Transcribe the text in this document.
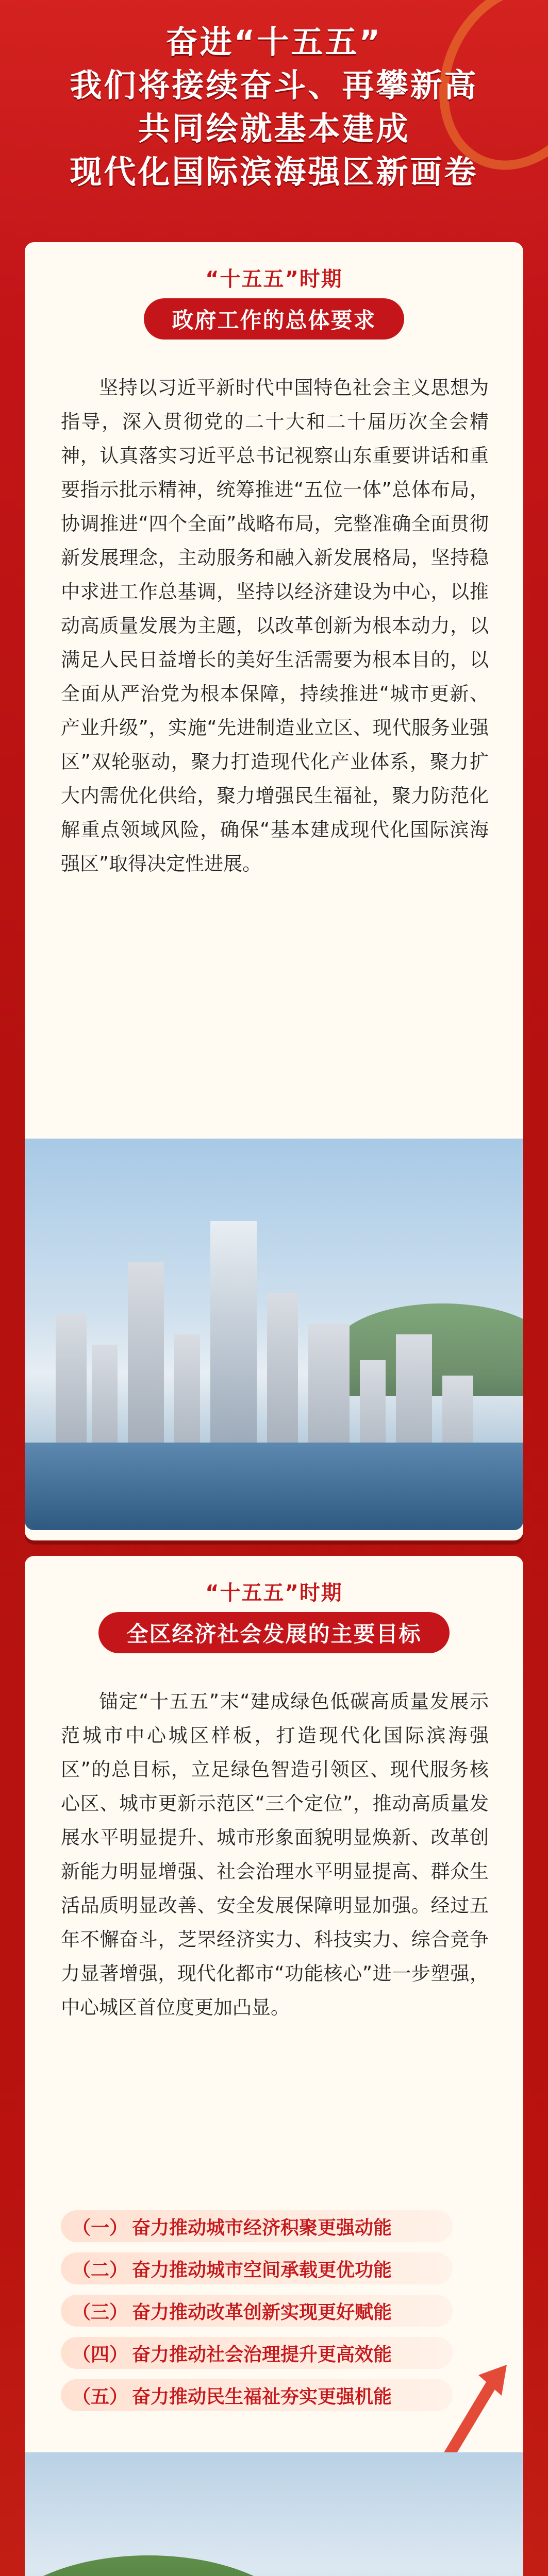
奋进“十五五”
我们将接续奋斗、再攀新高
共同绘就基本建成
现代化国际滨海强区新画卷
“十五五”时期
政府工作的总体要求
坚持以习近平新时代中国特色社会主义思想为指导，深入贯彻党的二十大和二十届历次全会精神，认真落实习近平总书记视察山东重要讲话和重要指示批示精神，统筹推进“五位一体”总体布局，协调推进“四个全面”战略布局，完整准确全面贯彻新发展理念，主动服务和融入新发展格局，坚持稳中求进工作总基调，坚持以经济建设为中心，以推动高质量发展为主题，以改革创新为根本动力，以满足人民日益增长的美好生活需要为根本目的，以全面从严治党为根本保障，持续推进“城市更新、产业升级”，实施“先进制造业立区、现代服务业强区”双轮驱动，聚力打造现代化产业体系，聚力扩大内需优化供给，聚力增强民生福祉，聚力防范化解重点领域风险，确保“基本建成现代化国际滨海强区”取得决定性进展。
“十五五”时期
全区经济社会发展的主要目标
锚定“十五五”末“建成绿色低碳高质量发展示范城市中心城区样板，打造现代化国际滨海强区”的总目标，立足绿色智造引领区、现代服务核心区、城市更新示范区“三个定位”，推动高质量发展水平明显提升、城市形象面貌明显焕新、改革创新能力明显增强、社会治理水平明显提高、群众生活品质明显改善、安全发展保障明显加强。经过五年不懈奋斗，芝罘经济实力、科技实力、综合竞争力显著增强，现代化都市“功能核心”进一步塑强，中心城区首位度更加凸显。
（一） 奋力推动城市经济积聚更强动能
（二） 奋力推动城市空间承载更优功能
（三） 奋力推动改革创新实现更好赋能
（四） 奋力推动社会治理提升更高效能
（五） 奋力推动民生福祉夯实更强机能
